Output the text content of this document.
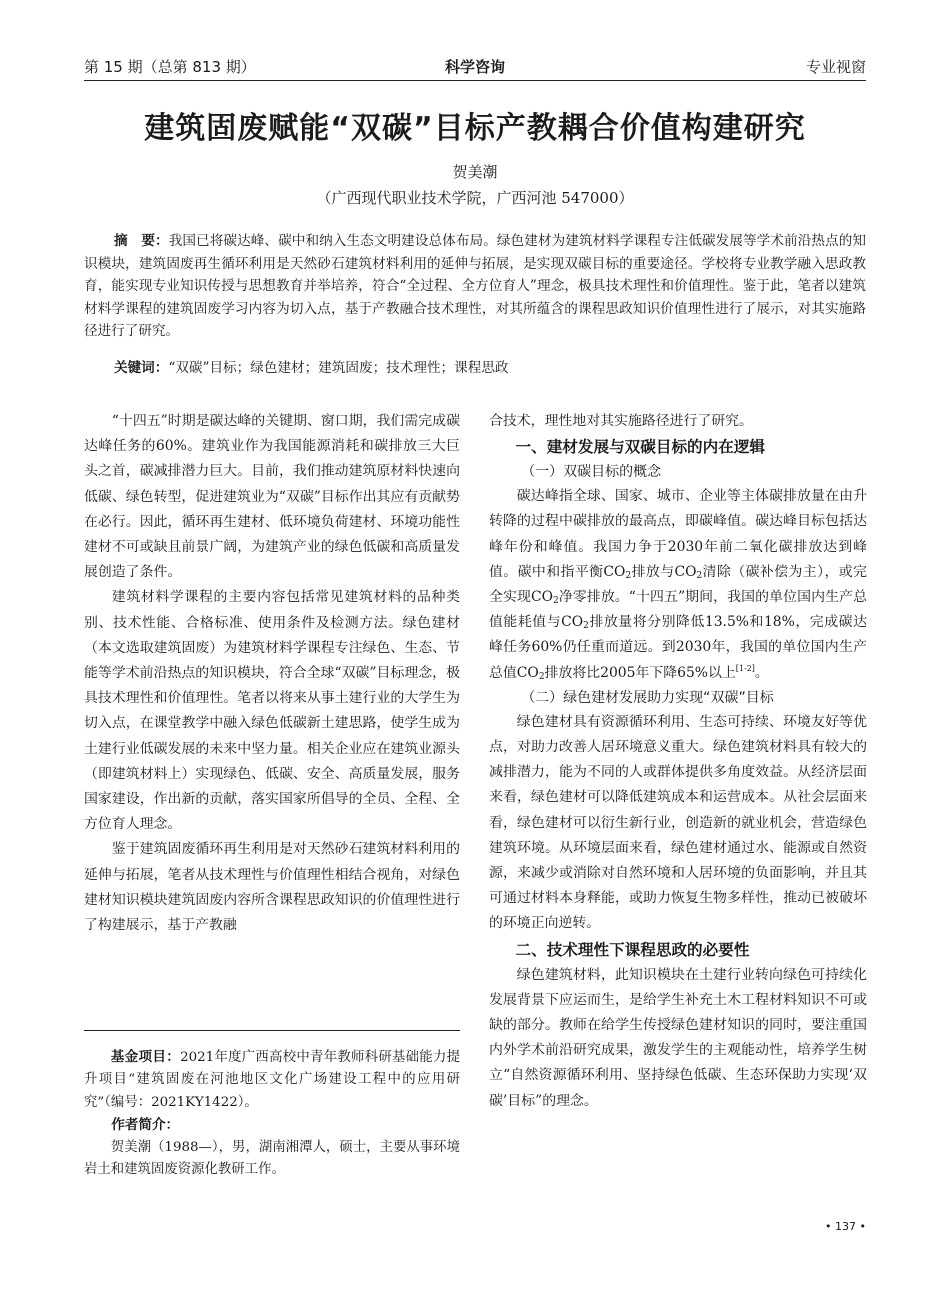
第 15 期（总第 813 期）	科学咨询	专业视窗
建筑固废赋能“双碳”目标产教耦合价值构建研究
贺美潮
（广西现代职业技术学院，广西河池 547000）
摘　要：我国已将碳达峰、碳中和纳入生态文明建设总体布局。绿色建材为建筑材料学课程专注低碳发展等学术前沿热点的知识模块，建筑固废再生循环利用是天然砂石建筑材料利用的延伸与拓展，是实现双碳目标的重要途径。学校将专业教学融入思政教育，能实现专业知识传授与思想教育并举培养，符合“全过程、全方位育人”理念，极具技术理性和价值理性。鉴于此，笔者以建筑材料学课程的建筑固废学习内容为切入点，基于产教融合技术理性，对其所蕴含的课程思政知识价值理性进行了展示，对其实施路径进行了研究。
关键词：“双碳”目标；绿色建材；建筑固废；技术理性；课程思政

“十四五”时期是碳达峰的关键期、窗口期，我们需完成碳达峰任务的60%。建筑业作为我国能源消耗和碳排放三大巨头之首，碳减排潜力巨大。目前，我们推动建筑原材料快速向低碳、绿色转型，促进建筑业为“双碳”目标作出其应有贡献势在必行。因此，循环再生建材、低环境负荷建材、环境功能性建材不可或缺且前景广阔，为建筑产业的绿色低碳和高质量发展创造了条件。

建筑材料学课程的主要内容包括常见建筑材料的品种类别、技术性能、合格标准、使用条件及检测方法。绿色建材（本文选取建筑固废）为建筑材料学课程专注绿色、生态、节能等学术前沿热点的知识模块，符合全球“双碳”目标理念，极具技术理性和价值理性。笔者以将来从事土建行业的大学生为切入点，在课堂教学中融入绿色低碳新土建思路，使学生成为土建行业低碳发展的未来中坚力量。相关企业应在建筑业源头（即建筑材料上）实现绿色、低碳、安全、高质量发展，服务国家建设，作出新的贡献，落实国家所倡导的全员、全程、全方位育人理念。

鉴于建筑固废循环再生利用是对天然砂石建筑材料利用的延伸与拓展，笔者从技术理性与价值理性相结合视角，对绿色建材知识模块建筑固废内容所含课程思政知识的价值理性进行了构建展示，基于产教融

基金项目：2021年度广西高校中青年教师科研基础能力提升项目“建筑固废在河池地区文化广场建设工程中的应用研究”（编号：2021KY1422）。

作者简介：

贺美潮（1988—），男，湖南湘潭人，硕士，主要从事环境岩土和建筑固废资源化教研工作。

合技术，理性地对其实施路径进行了研究。

一、建材发展与双碳目标的内在逻辑
（一）双碳目标的概念

碳达峰指全球、国家、城市、企业等主体碳排放量在由升转降的过程中碳排放的最高点，即碳峰值。碳达峰目标包括达峰年份和峰值。我国力争于2030年前二氧化碳排放达到峰值。碳中和指平衡$CO_2$排放与$CO_2$清除（碳补偿为主），或完全实现$CO_2$净零排放。“十四五”期间，我国的单位国内生产总值能耗值与$CO_2$排放量将分别降低13.5%和18%，完成碳达峰任务60%仍任重而道远。到2030年，我国的单位国内生产总值$CO_2$排放将比2005年下降65%以上[1-2]。

（二）绿色建材发展助力实现“双碳”目标

绿色建材具有资源循环利用、生态可持续、环境友好等优点，对助力改善人居环境意义重大。绿色建筑材料具有较大的减排潜力，能为不同的人或群体提供多角度效益。从经济层面来看，绿色建材可以降低建筑成本和运营成本。从社会层面来看，绿色建材可以衍生新行业，创造新的就业机会，营造绿色建筑环境。从环境层面来看，绿色建材通过水、能源或自然资源，来减少或消除对自然环境和人居环境的负面影响，并且其可通过材料本身释能，或助力恢复生物多样性，推动已被破坏的环境正向逆转。

二、技术理性下课程思政的必要性

绿色建筑材料，此知识模块在土建行业转向绿色可持续化发展背景下应运而生，是给学生补充土木工程材料知识不可或缺的部分。教师在给学生传授绿色建材知识的同时，要注重国内外学术前沿研究成果，激发学生的主观能动性，培养学生树立“自然资源循环利用、坚持绿色低碳、生态环保助力实现‘双碳’目标”的理念。

• 137 •
